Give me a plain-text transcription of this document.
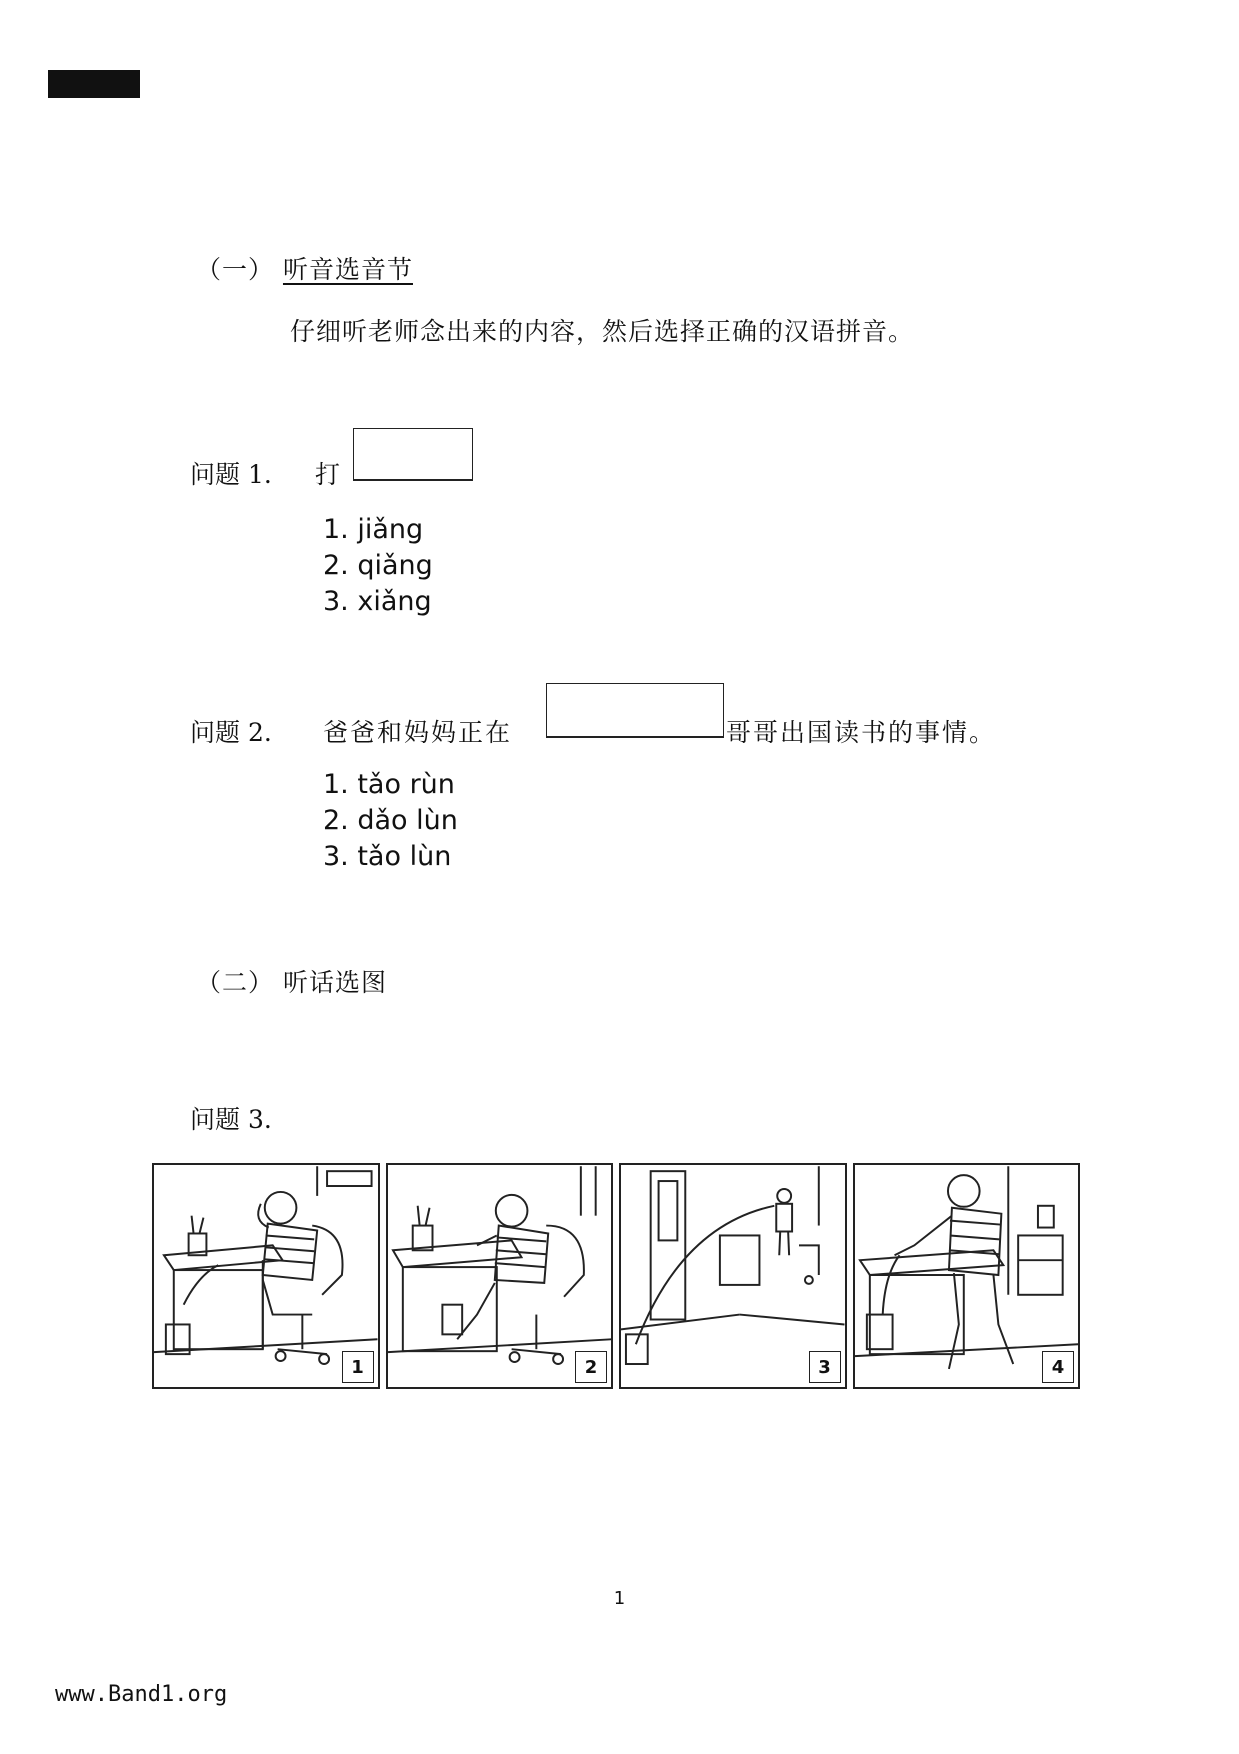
（一） 听音选音节
仔细听老师念出来的内容，然后选择正确的汉语拼音。
问题 1. 打
1. jiǎng
2. qiǎng
3. xiǎng
问题 2. 爸爸和妈妈正在	哥哥出国读书的事情。
1. tǎo rùn
2. dǎo lùn
3. tǎo lùn
（二） 听话选图
问题 3.
1	2	3	4
1
www.Band1.org
